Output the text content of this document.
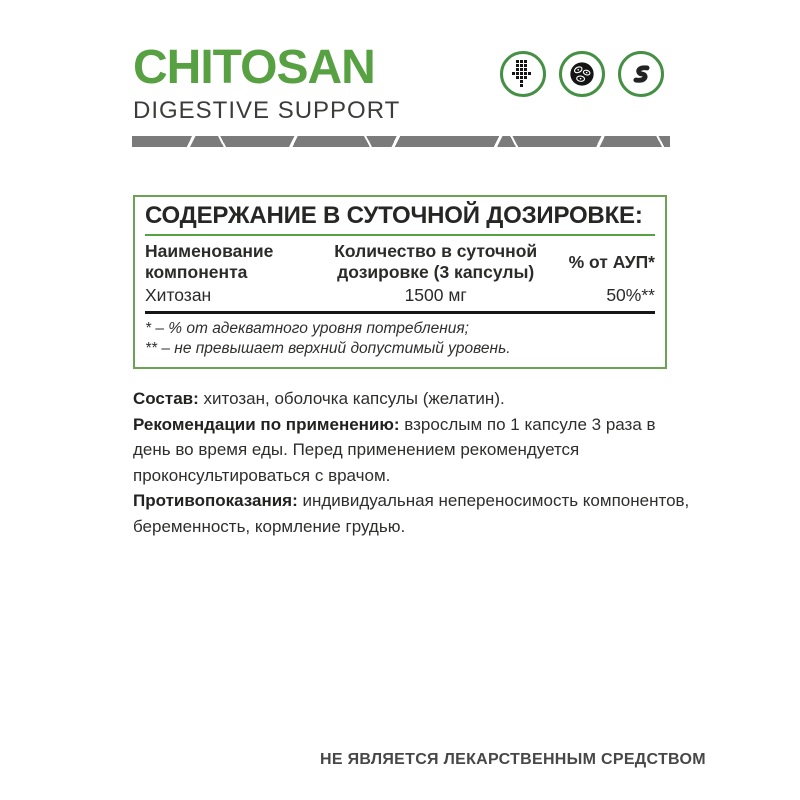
CHITOSAN
DIGESTIVE SUPPORT
СОДЕРЖАНИЕ В СУТОЧНОЙ ДОЗИРОВКЕ:
Наименование компонента
Количество в суточной дозировке (3 капсулы)
% от АУП*
Хитозан	1500 мг	50%**
* – % от адекватного уровня потребления;
** – не превышает верхний допустимый уровень.

Состав: хитозан, оболочка капсулы (желатин).

Рекомендации по применению: взрослым по 1 капсуле 3 раза в день во время еды. Перед применением рекомендуется проконсультироваться с врачом.

Противопоказания: индивидуальная непереносимость компонентов, беременность, кормление грудью.

НЕ ЯВЛЯЕТСЯ ЛЕКАРСТВЕННЫМ СРЕДСТВОМ
